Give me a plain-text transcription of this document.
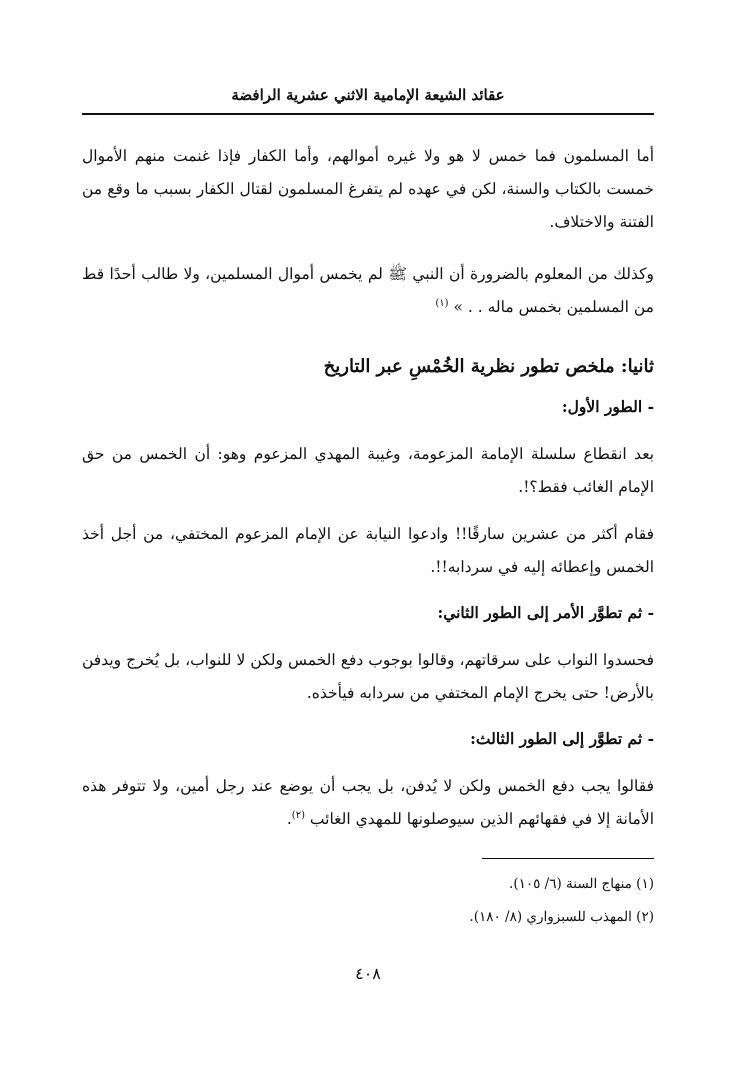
عقائد الشيعة الإمامية الاثني عشرية الرافضة

أما المسلمون فما خمس لا هو ولا غيره أموالهم، وأما الكفار فإذا غنمت منهم الأموال خمست بالكتاب والسنة، لكن في عهده لم يتفرغ المسلمون لقتال الكفار بسبب ما وقع من الفتنة والاختلاف.

وكذلك من المعلوم بالضرورة أن النبي ﷺ لم يخمس أموال المسلمين، ولا طالب أحدًا قط من المسلمين بخمس ماله . . » $^{(١)}$

ثانيا: ملخص تطور نظرية الخُمْسِ عبر التاريخ
- الطور الأول:

بعد انقطاع سلسلة الإمامة المزعومة، وغيبة المهدي المزعوم وهو: أن الخمس من حق الإمام الغائب فقط؟!.

فقام أكثر من عشرين سارقًا!! وادعوا النيابة عن الإمام المزعوم المختفي، من أجل أخذ الخمس وإعطائه إليه في سردابه!!.

- ثم تطوَّر الأمر إلى الطور الثاني:

فحسدوا النواب على سرقاتهم، وقالوا بوجوب دفع الخمس ولكن لا للنواب، بل يُخرج ويدفن بالأرض! حتى يخرج الإمام المختفي من سردابه فيأخذه.

- ثم تطوَّر إلى الطور الثالث:

فقالوا يجب دفع الخمس ولكن لا يُدفن، بل يجب أن يوضع عند رجل أمين، ولا تتوفر هذه الأمانة إلا في فقهائهم الذين سيوصلونها للمهدي الغائب $^{(٢)}$.

(١) منهاج السنة (٦/ ١٠٥).
(٢) المهذب للسبزواري (٨/ ١٨٠).
٤٠٨
